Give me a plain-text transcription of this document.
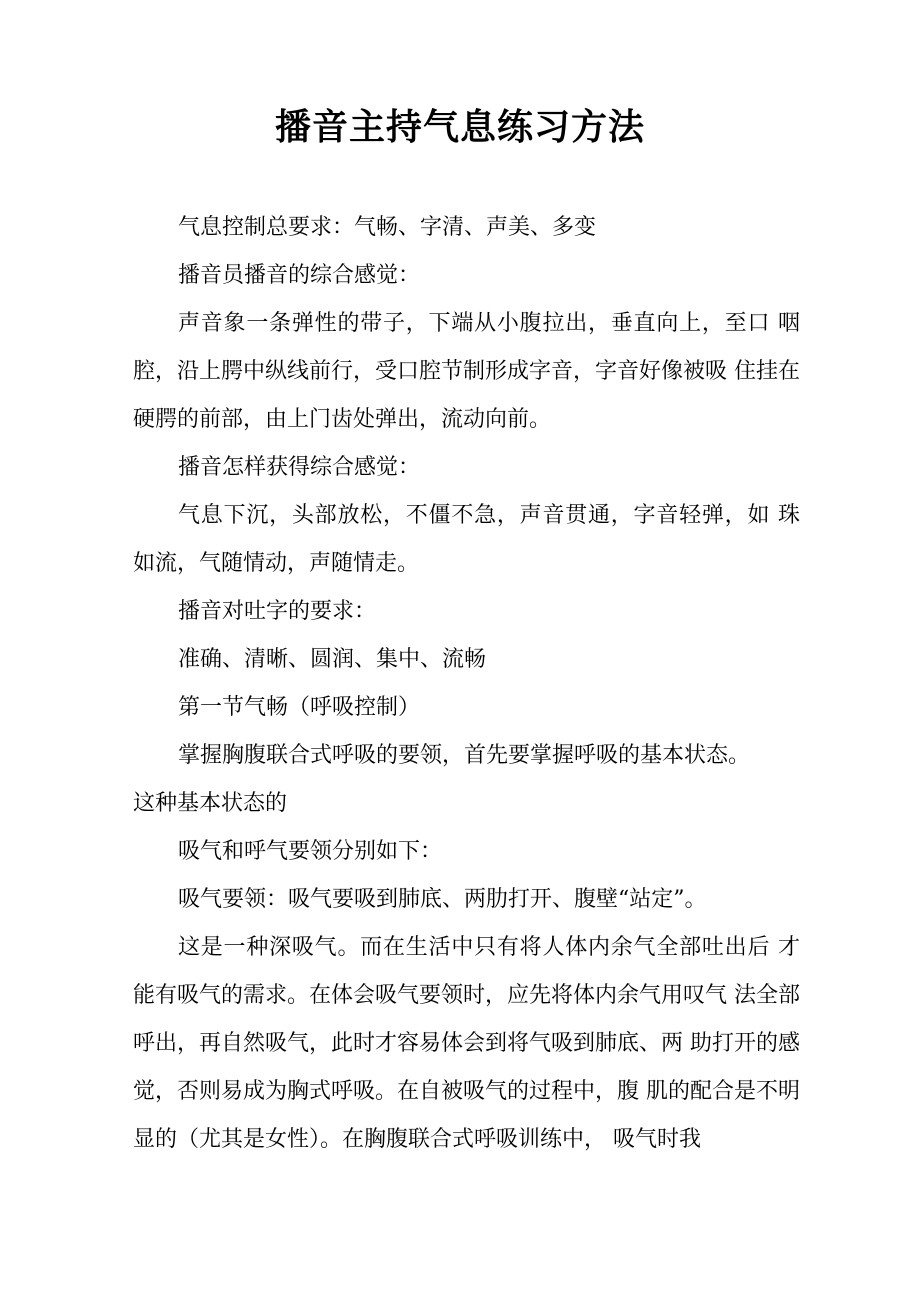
播音主持气息练习方法

气息控制总要求：气畅、字清、声美、多变

播音员播音的综合感觉：

声音象一条弹性的带子，下端从小腹拉出，垂直向上，至口 咽腔，沿上腭中纵线前行，受口腔节制形成字音，字音好像被吸 住挂在硬腭的前部，由上门齿处弹出，流动向前。

播音怎样获得综合感觉：

气息下沉，头部放松，不僵不急，声音贯通，字音轻弹，如 珠如流，气随情动，声随情走。

播音对吐字的要求：

准确、清晰、圆润、集中、流畅

第一节气畅（呼吸控制）

掌握胸腹联合式呼吸的要领，首先要掌握呼吸的基本状态。

这种基本状态的

吸气和呼气要领分别如下：

吸气要领：吸气要吸到肺底、两肋打开、腹壁“站定”。

这是一种深吸气。而在生活中只有将人体内余气全部吐出后 才能有吸气的需求。在体会吸气要领时，应先将体内余气用叹气 法全部呼出，再自然吸气，此时才容易体会到将气吸到肺底、两 助打开的感觉，否则易成为胸式呼吸。在自被吸气的过程中，腹 肌的配合是不明显的（尤其是女性）。在胸腹联合式呼吸训练中， 吸气时我
